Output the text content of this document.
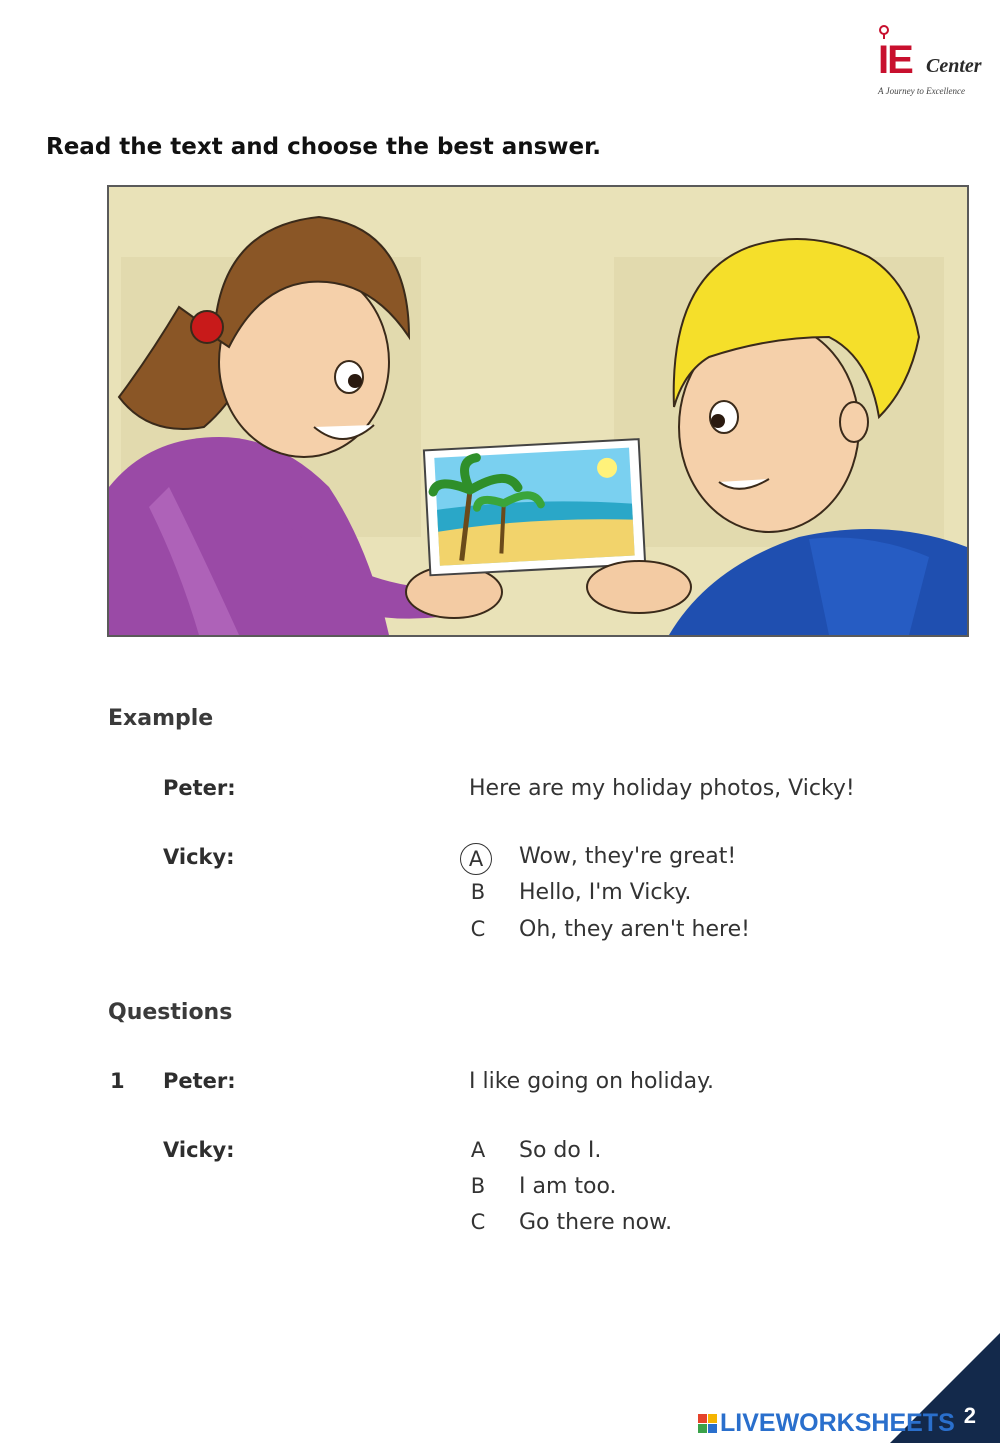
IE Center
A Journey to Excellence
Read the text and choose the best answer.
Example
Peter:	Here are my holiday photos, Vicky!
Vicky:	A	Wow, they're great!
B Hello, I'm Vicky.
C Oh, they aren't here!
Questions
1 Peter:	I like going on holiday.
Vicky:	A So do I.
B I am too.
C Go there now.
2
LIVEWORKSHEETS
